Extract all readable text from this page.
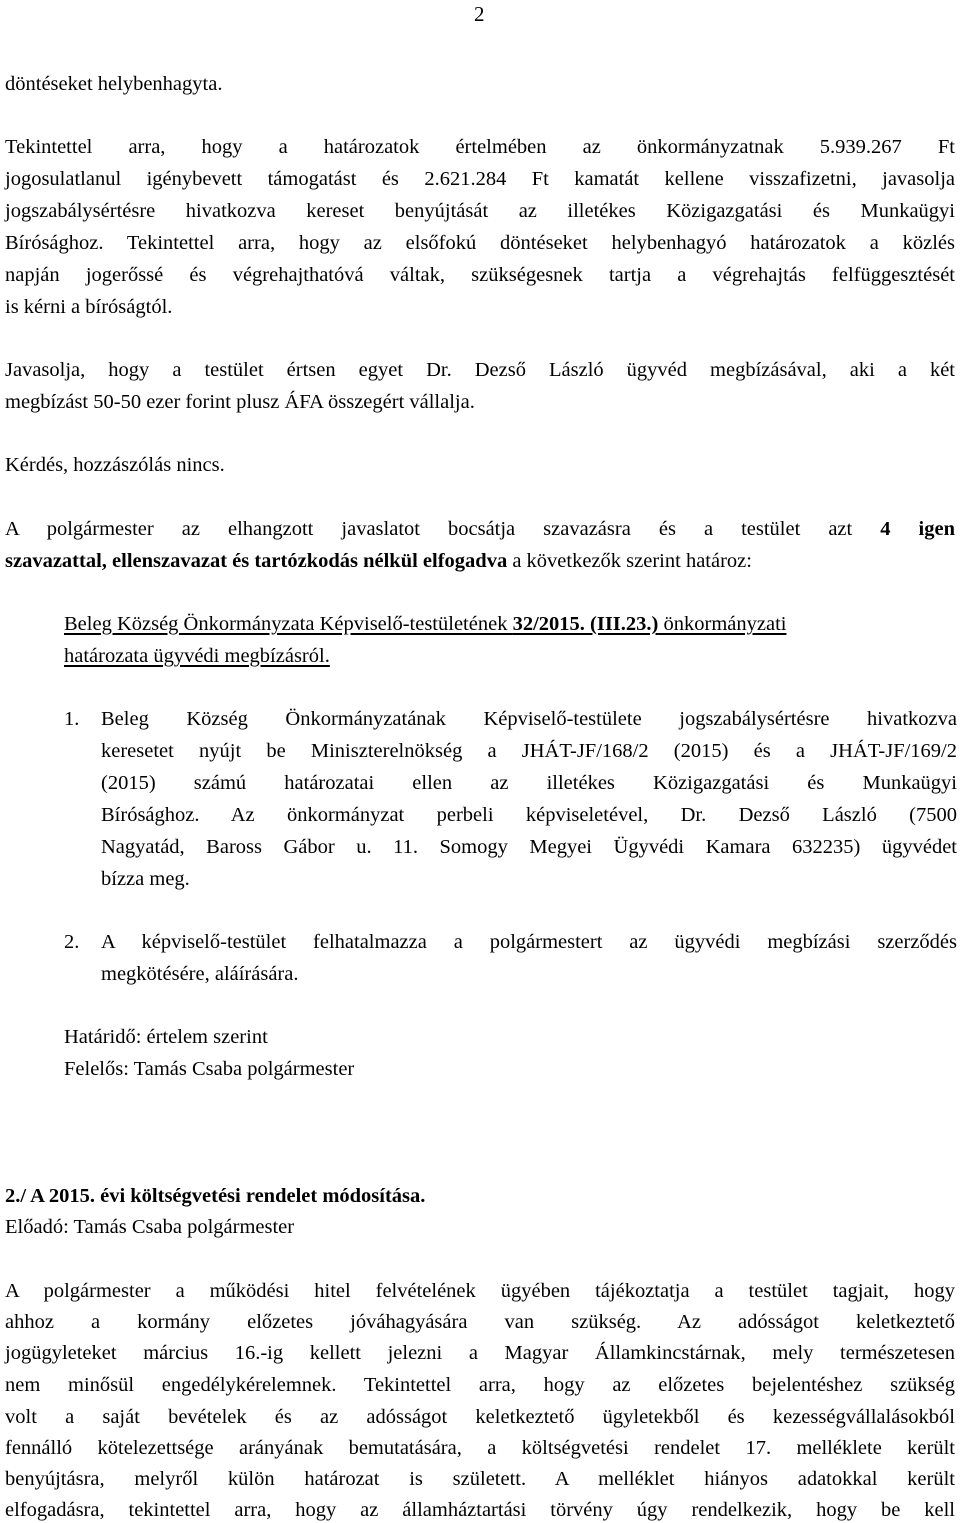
2
döntéseket helybenhagyta.
Tekintettel arra, hogy a határozatok értelmében az önkormányzatnak 5.939.267 Ft
jogosulatlanul igénybevett támogatást és 2.621.284 Ft kamatát kellene visszafizetni, javasolja
jogszabálysértésre hivatkozva kereset benyújtását az illetékes Közigazgatási és Munkaügyi
Bírósághoz. Tekintettel arra, hogy az elsőfokú döntéseket helybenhagyó határozatok a közlés
napján jogerőssé és végrehajthatóvá váltak, szükségesnek tartja a végrehajtás felfüggesztését
is kérni a bíróságtól.
Javasolja, hogy a testület értsen egyet Dr. Dezső László ügyvéd megbízásával, aki a két
megbízást 50-50 ezer forint plusz ÁFA összegért vállalja.
Kérdés, hozzászólás nincs.
A polgármester az elhangzott javaslatot bocsátja szavazásra és a testület azt 4 igen
szavazattal, ellenszavazat és tartózkodás nélkül elfogadva a következők szerint határoz:
Beleg Község Önkormányzata Képviselő-testületének 32/2015. (III.23.) önkormányzati
határozata ügyvédi megbízásról.
1. Beleg Község Önkormányzatának Képviselő-testülete jogszabálysértésre hivatkozva
keresetet nyújt be Miniszterelnökség a JHÁT-JF/168/2 (2015) és a JHÁT-JF/169/2
(2015) számú határozatai ellen az illetékes Közigazgatási és Munkaügyi
Bírósághoz. Az önkormányzat perbeli képviseletével, Dr. Dezső László (7500
Nagyatád, Baross Gábor u. 11. Somogy Megyei Ügyvédi Kamara 632235) ügyvédet
bízza meg.
2. A képviselő-testület felhatalmazza a polgármestert az ügyvédi megbízási szerződés
megkötésére, aláírására.
Határidő: értelem szerint
Felelős: Tamás Csaba polgármester
2./ A 2015. évi költségvetési rendelet módosítása.
Előadó: Tamás Csaba polgármester
A polgármester a működési hitel felvételének ügyében tájékoztatja a testület tagjait, hogy
ahhoz a kormány előzetes jóváhagyására van szükség. Az adósságot keletkeztető
jogügyleteket március 16.-ig kellett jelezni a Magyar Államkincstárnak, mely természetesen
nem minősül engedélykérelemnek. Tekintettel arra, hogy az előzetes bejelentéshez szükség
volt a saját bevételek és az adósságot keletkeztető ügyletekből és kezességvállalásokból
fennálló kötelezettsége arányának bemutatására, a költségvetési rendelet 17. melléklete került
benyújtásra, melyről külön határozat is született. A melléklet hiányos adatokkal került
elfogadásra, tekintettel arra, hogy az államháztartási törvény úgy rendelkezik, hogy be kell
